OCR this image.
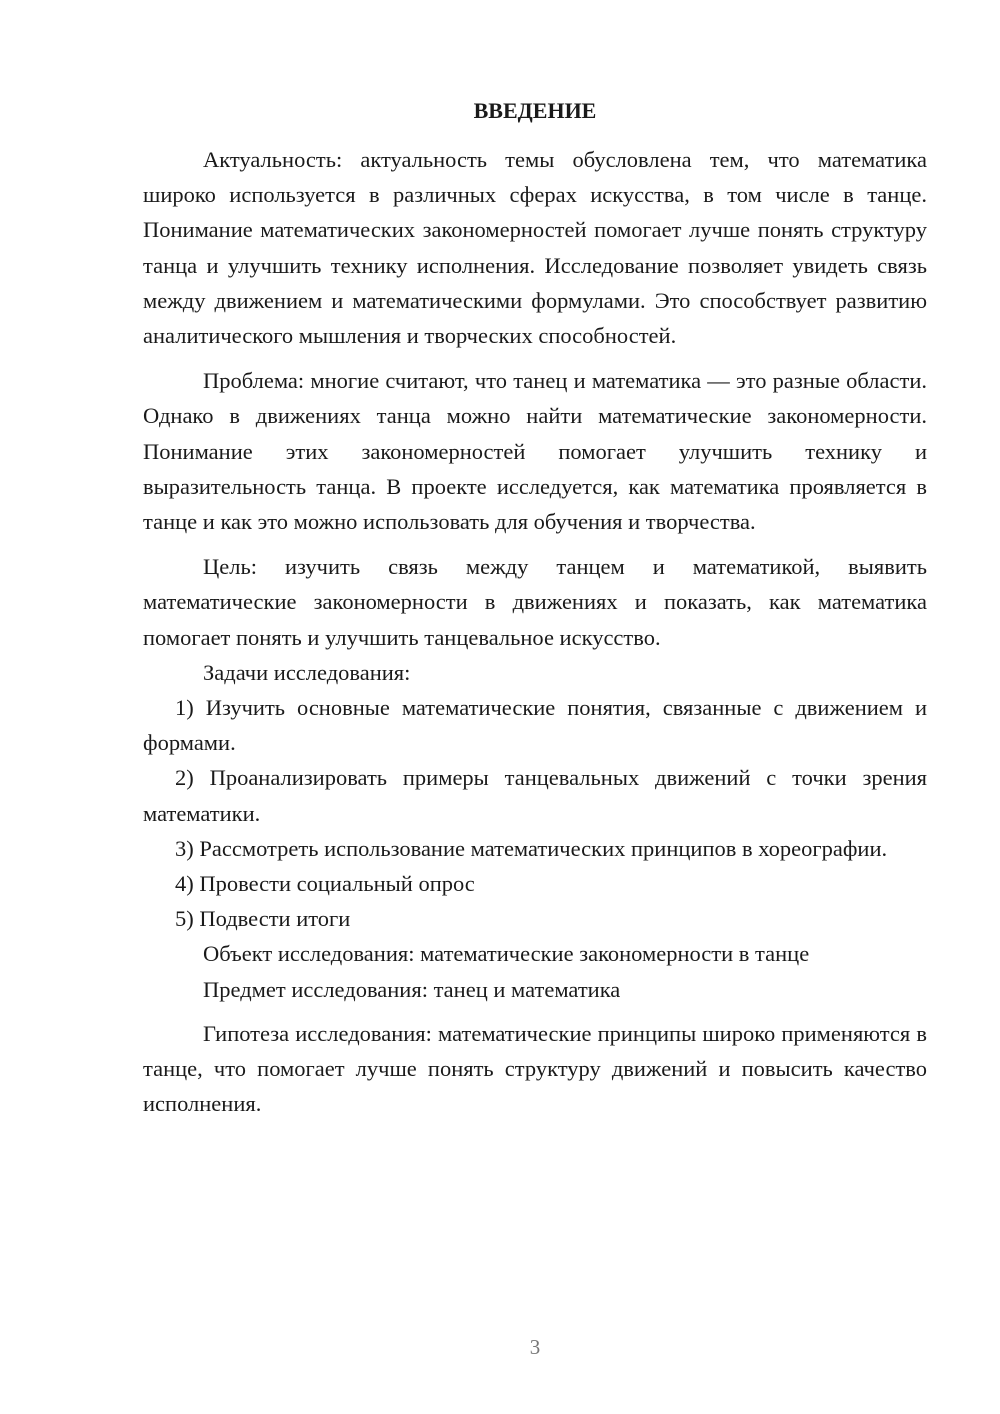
ВВЕДЕНИЕ

Актуальность: актуальность темы обусловлена тем, что математика широко используется в различных сферах искусства, в том числе в танце. Понимание математических закономерностей помогает лучше понять структуру танца и улучшить технику исполнения. Исследование позволяет увидеть связь между движением и математическими формулами. Это способствует развитию аналитического мышления и творческих способностей.

Проблема: многие считают, что танец и математика — это разные области. Однако в движениях танца можно найти математические закономерности. Понимание этих закономерностей помогает улучшить технику и выразительность танца. В проекте исследуется, как математика проявляется в танце и как это можно использовать для обучения и творчества.

Цель: изучить связь между танцем и математикой, выявить математические закономерности в движениях и показать, как математика помогает понять и улучшить танцевальное искусство.

Задачи исследования:

1) Изучить основные математические понятия, связанные с движением и формами.

2) Проанализировать примеры танцевальных движений с точки зрения математики.

3) Рассмотреть использование математических принципов в хореографии.

4) Провести социальный опрос

5) Подвести итоги

Объект исследования: математические закономерности в танце

Предмет исследования: танец и математика

Гипотеза исследования: математические принципы широко применяются в танце, что помогает лучше понять структуру движений и повысить качество исполнения.

3
